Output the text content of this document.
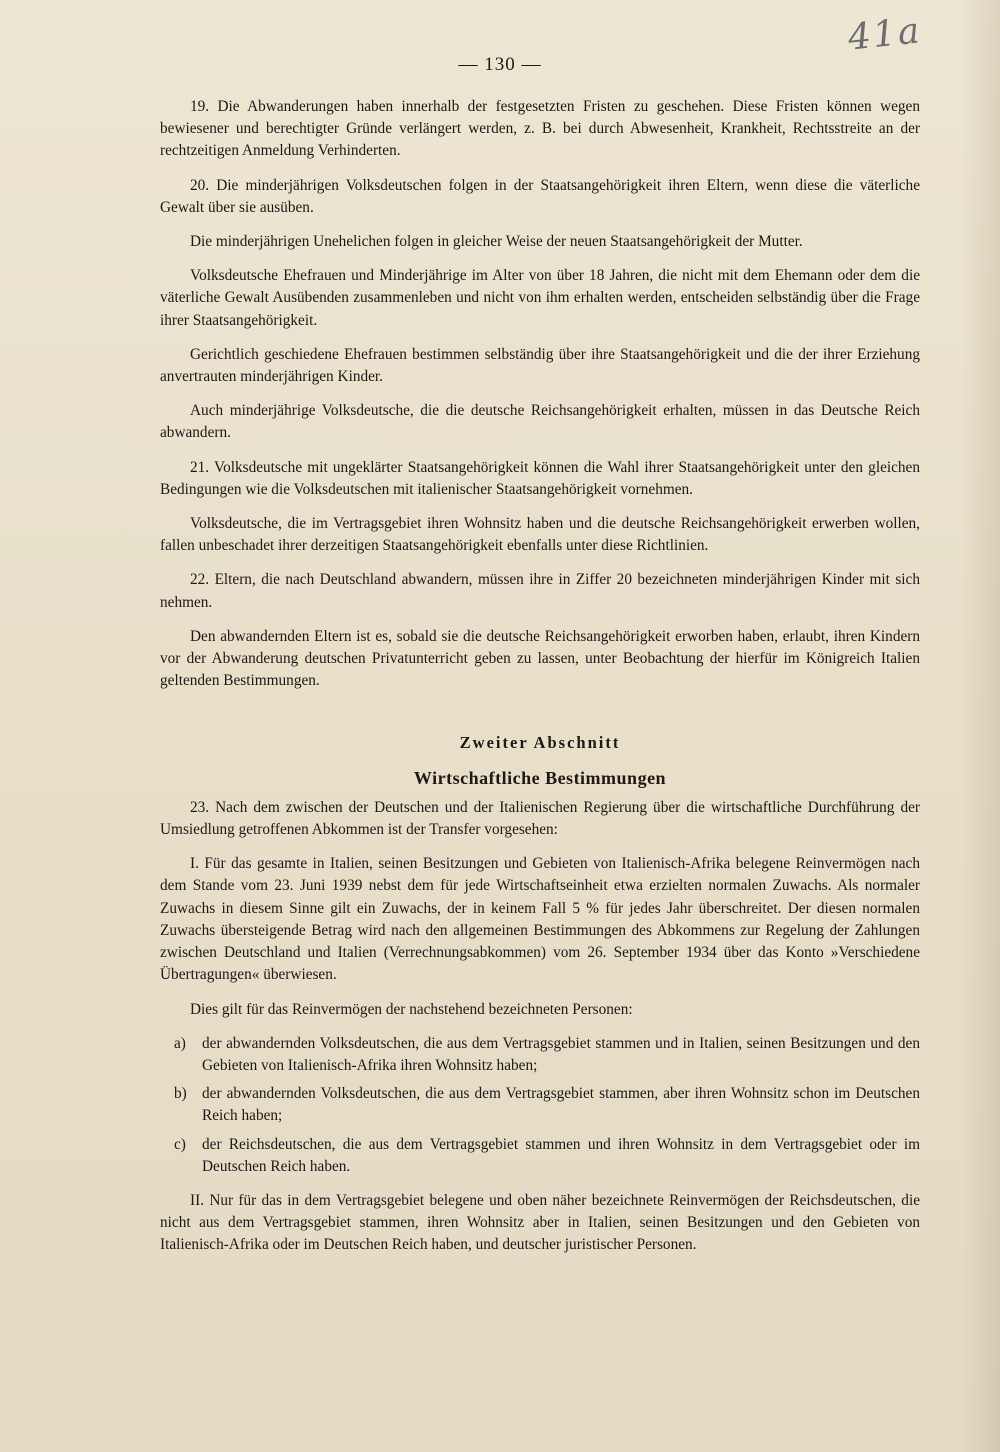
— 130 —
41a

19. Die Abwanderungen haben innerhalb der festgesetzten Fristen zu geschehen. Diese Fristen können wegen bewiesener und berechtigter Gründe verlängert werden, z. B. bei durch Abwesenheit, Krankheit, Rechtsstreite an der rechtzeitigen Anmeldung Verhinderten.

20. Die minderjährigen Volksdeutschen folgen in der Staatsangehörigkeit ihren Eltern, wenn diese die väterliche Gewalt über sie ausüben.

Die minderjährigen Unehelichen folgen in gleicher Weise der neuen Staatsangehörigkeit der Mutter.

Volksdeutsche Ehefrauen und Minderjährige im Alter von über 18 Jahren, die nicht mit dem Ehemann oder dem die väterliche Gewalt Ausübenden zusammenleben und nicht von ihm erhalten werden, entscheiden selbständig über die Frage ihrer Staatsangehörigkeit.

Gerichtlich geschiedene Ehefrauen bestimmen selbständig über ihre Staatsangehörigkeit und die der ihrer Erziehung anvertrauten minderjährigen Kinder.

Auch minderjährige Volksdeutsche, die die deutsche Reichsangehörigkeit erhalten, müssen in das Deutsche Reich abwandern.

21. Volksdeutsche mit ungeklärter Staatsangehörigkeit können die Wahl ihrer Staatsangehörigkeit unter den gleichen Bedingungen wie die Volksdeutschen mit italienischer Staatsangehörigkeit vornehmen.

Volksdeutsche, die im Vertragsgebiet ihren Wohnsitz haben und die deutsche Reichsangehörigkeit erwerben wollen, fallen unbeschadet ihrer derzeitigen Staatsangehörigkeit ebenfalls unter diese Richtlinien.

22. Eltern, die nach Deutschland abwandern, müssen ihre in Ziffer 20 bezeichneten minderjährigen Kinder mit sich nehmen.

Den abwandernden Eltern ist es, sobald sie die deutsche Reichsangehörigkeit erworben haben, erlaubt, ihren Kindern vor der Abwanderung deutschen Privatunterricht geben zu lassen, unter Beobachtung der hierfür im Königreich Italien geltenden Bestimmungen.

Zweiter Abschnitt
Wirtschaftliche Bestimmungen

23. Nach dem zwischen der Deutschen und der Italienischen Regierung über die wirtschaftliche Durchführung der Umsiedlung getroffenen Abkommen ist der Transfer vorgesehen:

I. Für das gesamte in Italien, seinen Besitzungen und Gebieten von Italienisch-Afrika belegene Reinvermögen nach dem Stande vom 23. Juni 1939 nebst dem für jede Wirtschaftseinheit etwa erzielten normalen Zuwachs. Als normaler Zuwachs in diesem Sinne gilt ein Zuwachs, der in keinem Fall 5 % für jedes Jahr überschreitet. Der diesen normalen Zuwachs übersteigende Betrag wird nach den allgemeinen Bestimmungen des Abkommens zur Regelung der Zahlungen zwischen Deutschland und Italien (Verrechnungsabkommen) vom 26. September 1934 über das Konto »Verschiedene Übertragungen« überwiesen.

Dies gilt für das Reinvermögen der nachstehend bezeichneten Personen:

a)	der abwandernden Volksdeutschen, die aus dem Vertragsgebiet stammen und in Italien, seinen Besitzungen und den Gebieten von Italienisch-Afrika ihren Wohnsitz haben;
b) der abwandernden Volksdeutschen, die aus dem Vertragsgebiet stammen, aber ihren Wohnsitz schon im Deutschen Reich haben;
c)	der Reichsdeutschen, die aus dem Vertragsgebiet stammen und ihren Wohnsitz in dem Vertragsgebiet oder im Deutschen Reich haben.

II. Nur für das in dem Vertragsgebiet belegene und oben näher bezeichnete Reinvermögen der Reichsdeutschen, die nicht aus dem Vertragsgebiet stammen, ihren Wohnsitz aber in Italien, seinen Besitzungen und den Gebieten von Italienisch-Afrika oder im Deutschen Reich haben, und deutscher juristischer Personen.
